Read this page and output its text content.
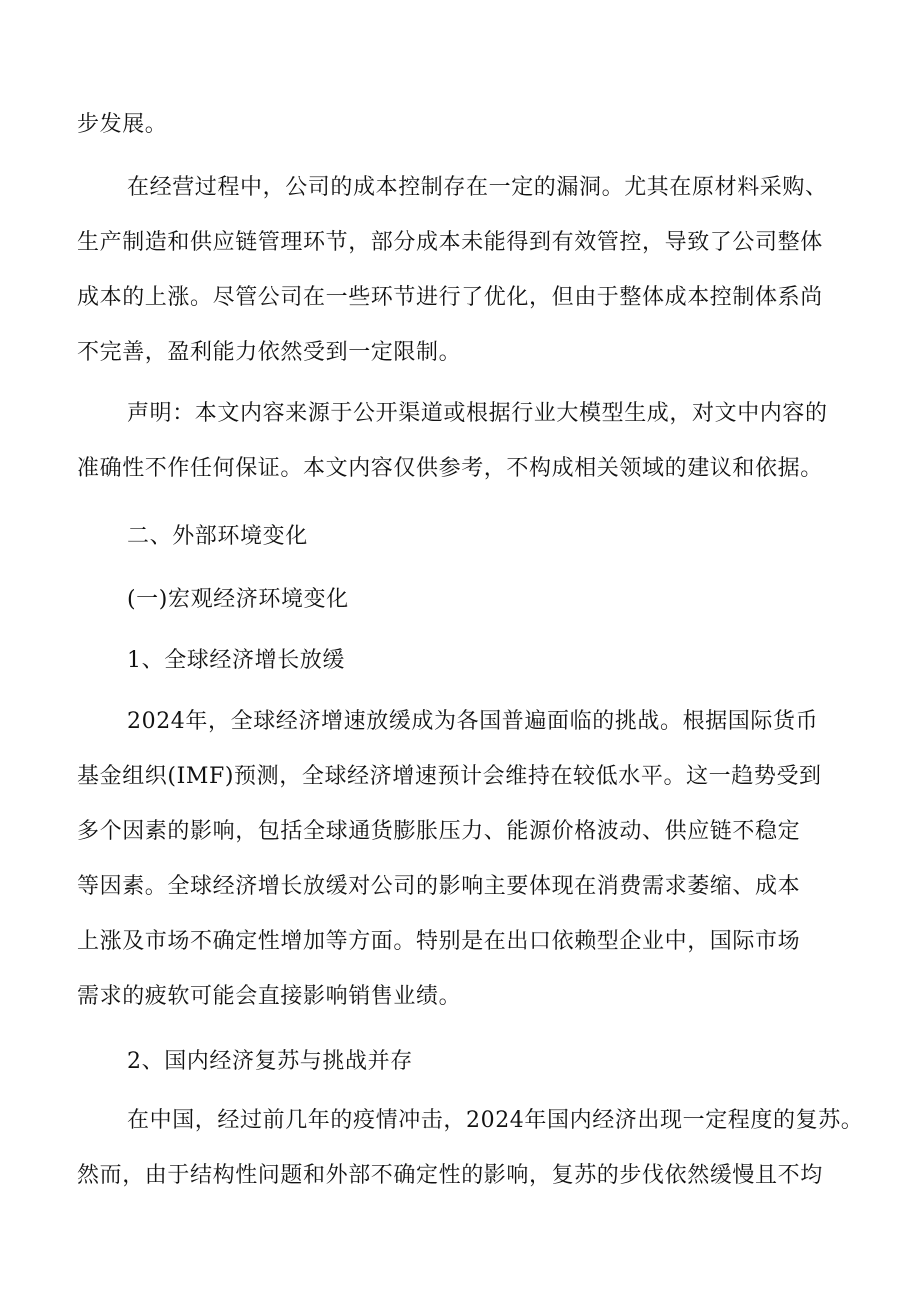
步发展。
在经营过程中，公司的成本控制存在一定的漏洞。尤其在原材料采购、
生产制造和供应链管理环节，部分成本未能得到有效管控，导致了公司整体
成本的上涨。尽管公司在一些环节进行了优化，但由于整体成本控制体系尚
不完善，盈利能力依然受到一定限制。
声明：本文内容来源于公开渠道或根据行业大模型生成，对文中内容的
准确性不作任何保证。本文内容仅供参考，不构成相关领域的建议和依据。
二、外部环境变化
(一)宏观经济环境变化
1、全球经济增长放缓
2024年，全球经济增速放缓成为各国普遍面临的挑战。根据国际货币
基金组织(IMF)预测，全球经济增速预计会维持在较低水平。这一趋势受到
多个因素的影响，包括全球通货膨胀压力、能源价格波动、供应链不稳定
等因素。全球经济增长放缓对公司的影响主要体现在消费需求萎缩、成本
上涨及市场不确定性增加等方面。特别是在出口依赖型企业中，国际市场
需求的疲软可能会直接影响销售业绩。
2、国内经济复苏与挑战并存
在中国，经过前几年的疫情冲击，2024年国内经济出现一定程度的复苏。
然而，由于结构性问题和外部不确定性的影响，复苏的步伐依然缓慢且不均
